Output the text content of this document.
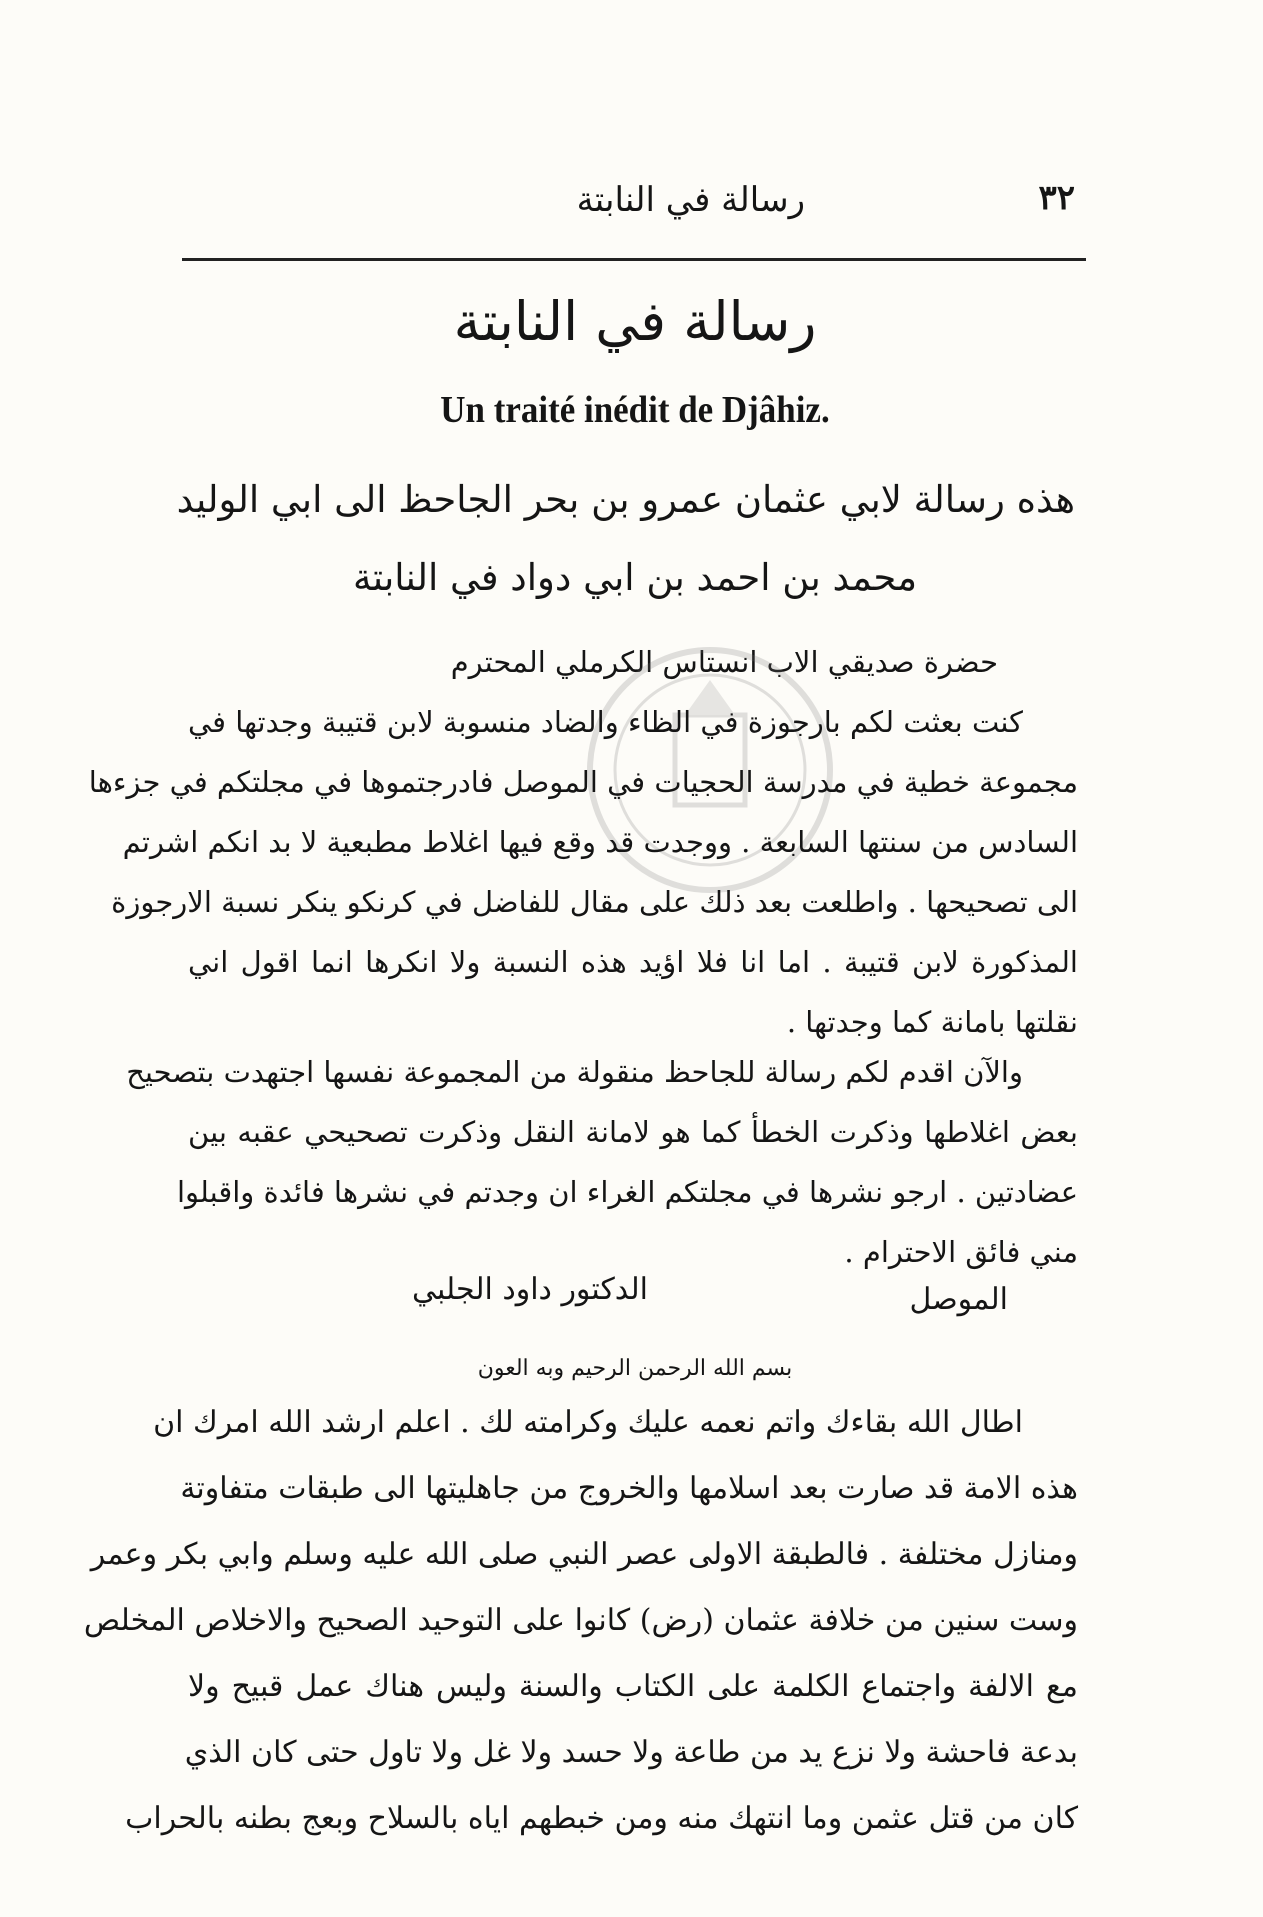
٣٢
رسالة في النابتة
رسالة في النابتة
Un traité inédit de Djâhiz.
هذه رسالة لابي عثمان عمرو بن بحر الجاحظ الى ابي الوليد
محمد بن احمد بن ابي دواد في النابتة
حضرة صديقي الاب انستاس الكرملي المحترم
كنت بعثت لكم بارجوزة في الظاء والضاد منسوبة لابن قتيبة وجدتها في
مجموعة خطية في مدرسة الحجيات في الموصل فادرجتموها في مجلتكم في جزءها
السادس من سنتها السابعة . ووجدت قد وقع فيها اغلاط مطبعية لا بد انكم اشرتم
الى تصحيحها . واطلعت بعد ذلك على مقال للفاضل في كرنكو ينكر نسبة الارجوزة
المذكورة لابن قتيبة . اما انا فلا اؤيد هذه النسبة ولا انكرها انما اقول اني
نقلتها بامانة كما وجدتها .
والآن اقدم لكم رسالة للجاحظ منقولة من المجموعة نفسها اجتهدت بتصحيح
بعض اغلاطها وذكرت الخطأ كما هو لامانة النقل وذكرت تصحيحي عقبه بين
عضادتين . ارجو نشرها في مجلتكم الغراء ان وجدتم في نشرها فائدة واقبلوا
مني فائق الاحترام .
الموصل
الدكتور داود الجلبي
بسم الله الرحمن الرحيم وبه العون
اطال الله بقاءك واتم نعمه عليك وكرامته لك . اعلم ارشد الله امرك ان
هذه الامة قد صارت بعد اسلامها والخروج من جاهليتها الى طبقات متفاوتة
ومنازل مختلفة . فالطبقة الاولى عصر النبي صلى الله عليه وسلم وابي بكر وعمر
وست سنين من خلافة عثمان (رض) كانوا على التوحيد الصحيح والاخلاص المخلص
مع الالفة واجتماع الكلمة على الكتاب والسنة وليس هناك عمل قبيح ولا
بدعة فاحشة ولا نزع يد من طاعة ولا حسد ولا غل ولا تاول حتى كان الذي
كان من قتل عثمن وما انتهك منه ومن خبطهم اياه بالسلاح وبعج بطنه بالحراب
